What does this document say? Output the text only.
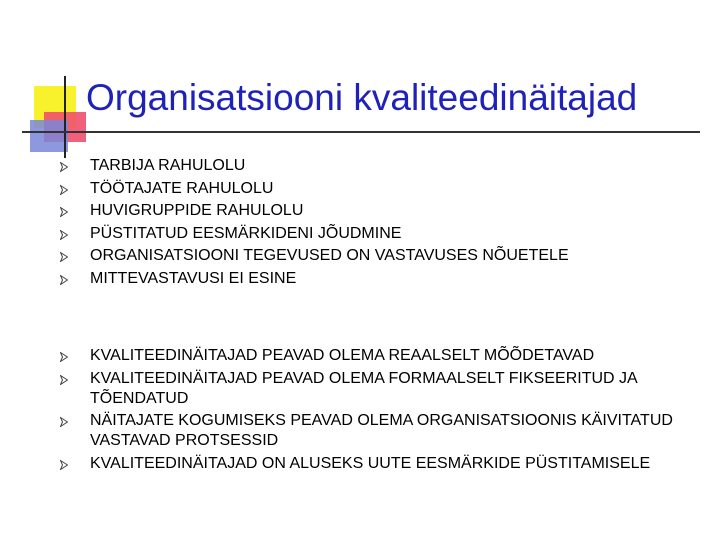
Organisatsiooni kvaliteedinäitajad
TARBIJA RAHULOLU
TÖÖTAJATE RAHULOLU
HUVIGRUPPIDE RAHULOLU
PÜSTITATUD EESMÄRKIDENI JÕUDMINE
ORGANISATSIOONI TEGEVUSED ON VASTAVUSES NÕUETELE
MITTEVASTAVUSI EI ESINE
KVALITEEDINÄITAJAD PEAVAD OLEMA REAALSELT MÕÕDETAVAD
KVALITEEDINÄITAJAD PEAVAD OLEMA FORMAALSELT FIKSEERITUD JA TÕENDATUD
NÄITAJATE KOGUMISEKS PEAVAD OLEMA ORGANISATSIOONIS KÄIVITATUD VASTAVAD PROTSESSID
KVALITEEDINÄITAJAD ON ALUSEKS UUTE EESMÄRKIDE PÜSTITAMISELE
